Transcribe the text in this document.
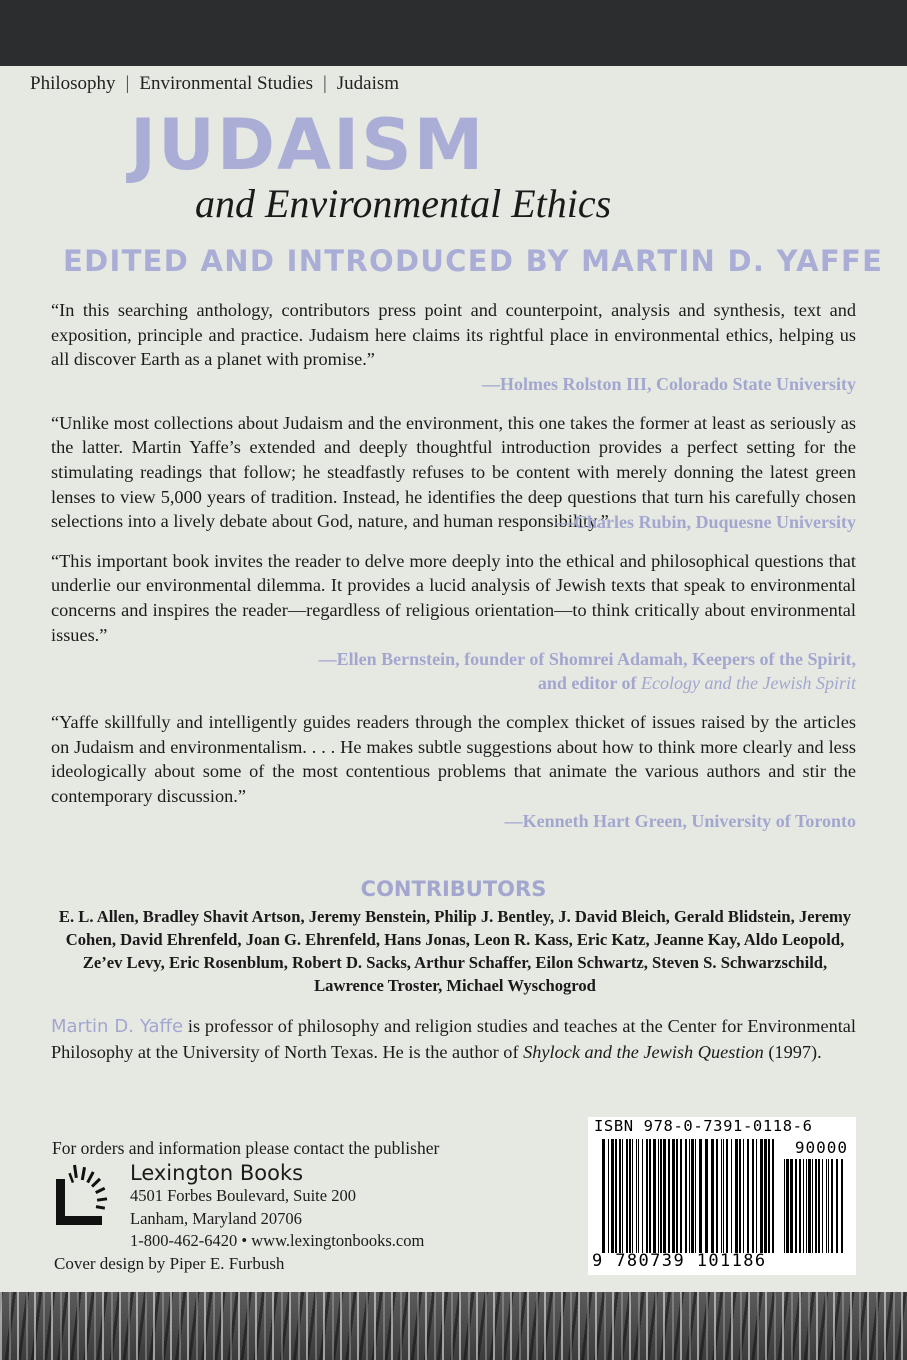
Philosophy | Environmental Studies | Judaism
JUDAISM
and Environmental Ethics
EDITED AND INTRODUCED BY MARTIN D. YAFFE

“In this searching anthology, contributors press point and counterpoint, analysis and synthesis, text and exposition, principle and practice. Judaism here claims its rightful place in environmental ethics, helping us all discover Earth as a planet with promise.”

—Holmes Rolston III, Colorado State University

“Unlike most collections about Judaism and the environment, this one takes the former at least as seriously as the latter. Martin Yaffe’s extended and deeply thoughtful introduction provides a perfect setting for the stimulating readings that follow; he steadfastly refuses to be content with merely donning the latest green lenses to view 5,000 years of tradition. Instead, he identifies the deep questions that turn his carefully chosen selections into a lively debate about God, nature, and human responsibility.”

—Charles Rubin, Duquesne University

“This important book invites the reader to delve more deeply into the ethical and philosophical questions that underlie our environmental dilemma. It provides a lucid analysis of Jewish texts that speak to environmental concerns and inspires the reader—regardless of religious orientation—to think critically about environmental issues.”

—Ellen Bernstein, founder of Shomrei Adamah, Keepers of the Spirit,
and editor of Ecology and the Jewish Spirit

“Yaffe skillfully and intelligently guides readers through the complex thicket of issues raised by the articles on Judaism and environmentalism. . . . He makes subtle suggestions about how to think more clearly and less ideologically about some of the most contentious problems that animate the various authors and stir the contemporary discussion.”

—Kenneth Hart Green, University of Toronto
CONTRIBUTORS
E. L. Allen, Bradley Shavit Artson, Jeremy Benstein, Philip J. Bentley, J. David Bleich, Gerald Blidstein, Jeremy Cohen, David Ehrenfeld, Joan G. Ehrenfeld, Hans Jonas, Leon R. Kass, Eric Katz, Jeanne Kay, Aldo Leopold, Ze’ev Levy, Eric Rosenblum, Robert D. Sacks, Arthur Schaffer, Eilon Schwartz, Steven S. Schwarzschild, Lawrence Troster, Michael Wyschogrod
Martin D. Yaffe is professor of philosophy and religion studies and teaches at the Center for Environmental Philosophy at the University of North Texas. He is the author of Shylock and the Jewish Question (1997).
For orders and information please contact the publisher
Lexington Books
4501 Forbes Boulevard, Suite 200
Lanham, Maryland 20706
1-800-462-6420 • www.lexingtonbooks.com
Cover design by Piper E. Furbush
ISBN 978-0-7391-0118-6
90000
9 780739 101186
